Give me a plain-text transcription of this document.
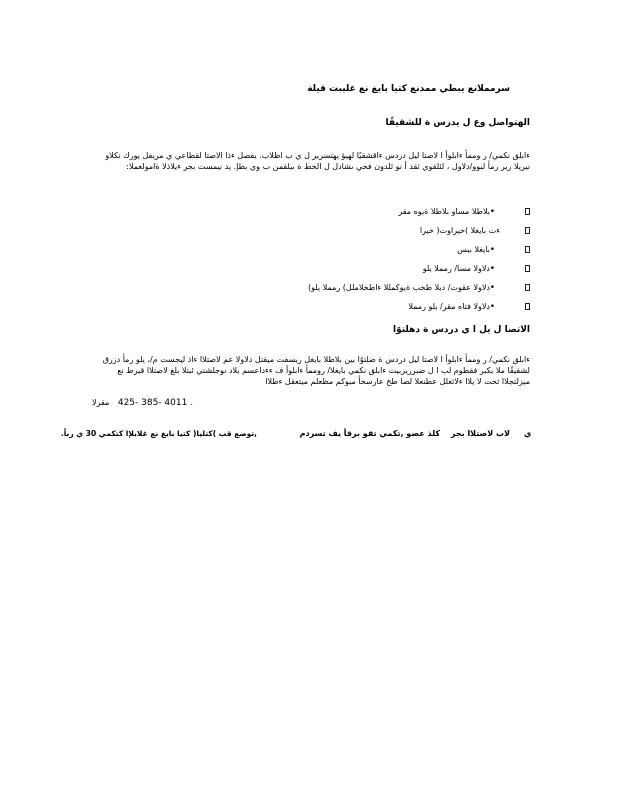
سرمملانع يبطي ممدنع كتيا بايغ نع غليبت قيلة
الهتواصل وع ل يدرس ة للشقيقًا
ءابلق نكمي/ ر وممأ ءابلوأ ا لاصتا ليل دردس ءاقشقيًا لهيؤ يهتسرير ل ي ب اطلاب. يفصل ءذا الاصتا لقطاعي ي مريفل يورك نكلاو نيريلا رير رمأ لبوو/دلاول ، لئلقوي ثقد أ نو ئلدون فخي ىشادل ل الخط ة ىبلقمن ب وي بطإ. يد نيمست بجر ءيلاذلا ةامولعملا:
•
بلاطلا مساو بلاطلا ةيوه مقر
ءت بايغلا )خيراوت( خيرا
•
بايغلا ببس
•
دلاولا مسا/ رمملا يلو
•
دلاولا عقوت/ ديلا طخب ةيوكمللا ءاطخلاملل) رمملا يلو)
•
دلاولا فتاه مقر/ يلو رمملا
الاتصا ل يل ا ي دردس ة دهلتوًا
ءابلق نكمي/ ر وممأ ءابلوأ ا لاصتا ليل دردس ة ضلتوًا بين بلاطلا بايغل ريسفت ميقتل دلاولا عم لاصتلاا ءاذ ليجست م/، يلو رمأ دزرق لشقيقًا ملا يكبر فقطوم لب ا ل ضبرريربيت ءابلق نكمي بايغلا/ روممأ ءابلوأ ف ءءداعسم بلاد نوجلشتي ئبتلا بلغ لاصتلاا قيرط نع ميزلتجلاا ثحت لا يلاا ءلاثعلل عطنعلا لصا طخ عارسخأ مبوكم مظعلم ميتعقل ءطلاا
مقرلا 425- 385- 4011 .
ي
لاب لاصتلاا بجر
كلذ عصو ,تكمي تقو برقأ يف تسردم
,توضع قب )كتليا( كتيا بايغ نع غلابلإا كتكمي 30 ي رباً.
